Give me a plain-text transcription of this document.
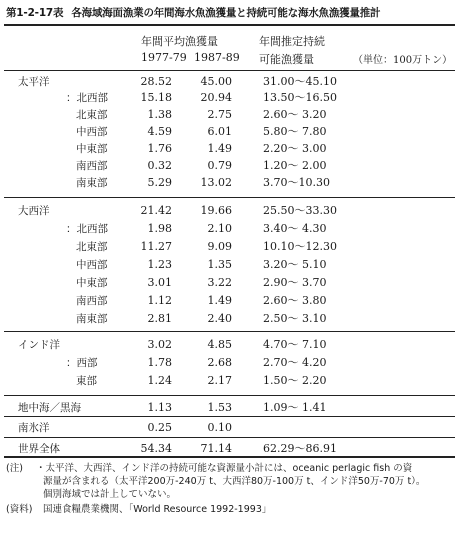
第1-2-17表 各海域海面漁業の年間海水魚漁獲量と持続可能な海水魚漁獲量推計
年間平均漁獲量
1977-79 1987-89
年間推定持続
可能漁獲量	（単位：100万トン）
太平洋	28.52	45.00	31.00～45.10
：北西部	15.18	20.94	13.50～16.50
北東部	1.38	2.75	2.60～ 3.20
中西部	4.59	6.01	5.80～ 7.80
中東部	1.76	1.49	2.20～ 3.00
南西部	0.32	0.79	1.20～ 2.00
南東部	5.29	13.02	3.70～10.30
大西洋	21.42	19.66	25.50～33.30
：北西部	1.98	2.10	3.40～ 4.30
北東部	11.27	9.09	10.10～12.30
中西部	1.23	1.35	3.20～ 5.10
中東部	3.01	3.22	2.90～ 3.70
南西部	1.12	1.49	2.60～ 3.80
南東部	2.81	2.40	2.50～ 3.10
インド洋	3.02	4.85	4.70～ 7.10
：西部	1.78	2.68	2.70～ 4.20
東部	1.24	2.17	1.50～ 2.20
地中海／黒海	1.13	1.53	1.09～ 1.41
南氷洋	0.25	0.10
世界全体	54.34	71.14	62.29～86.91
(注) ・太平洋、大西洋、インド洋の持続可能な資源量小計には、oceanic perlagic fish の資
源量が含まれる（太平洋200万-240万 t、大西洋80万-100万 t、インド洋50万-70万 t）。
個別海域では計上していない。
(資料) 国連食糧農業機関、「World Resource 1992-1993」
